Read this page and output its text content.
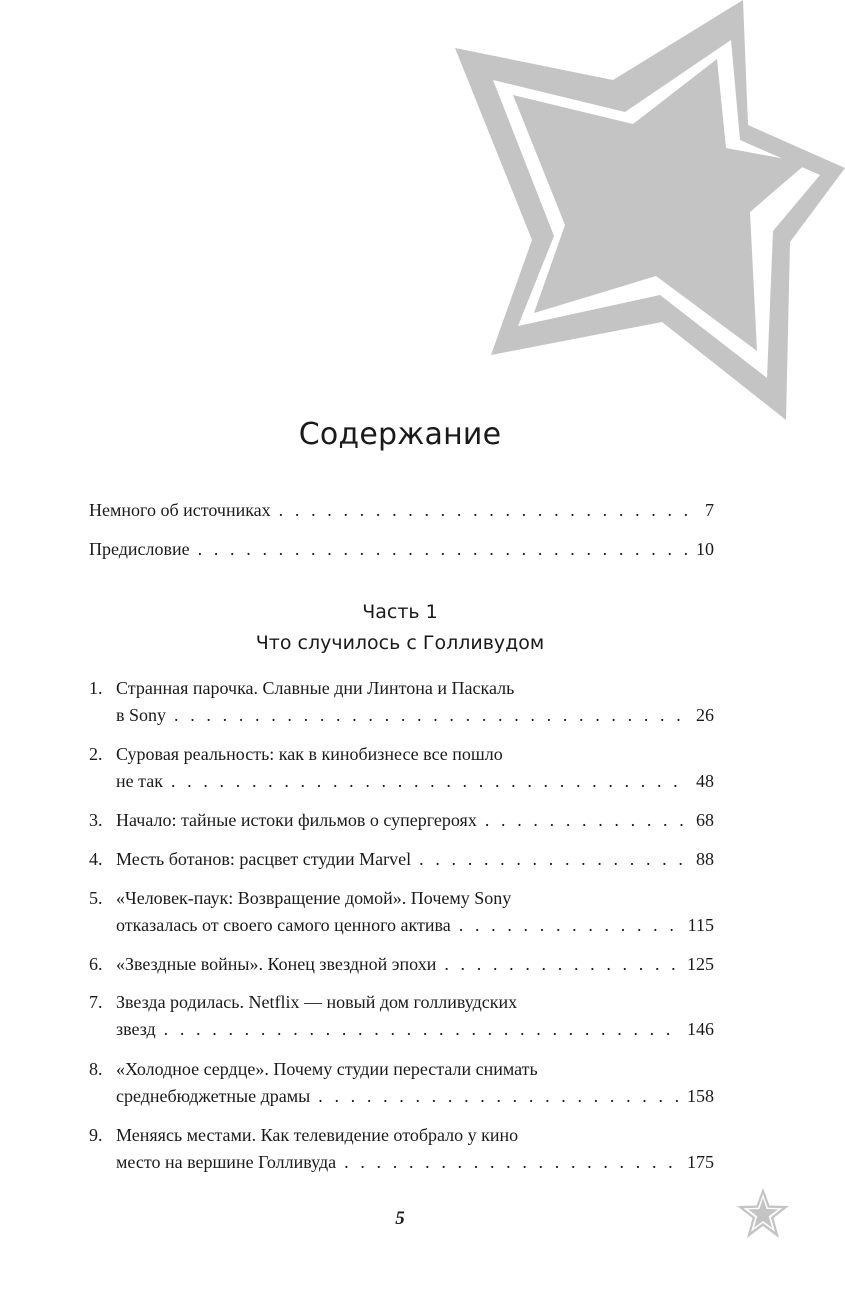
Содержание
Немного об источниках . . .	7
Предисловие . . .	10
Часть 1
Что случилось с Голливудом
1. Странная парочка. Славные дни Линтона и Паскаль
в Sony . . .	26
2. Суровая реальность: как в кинобизнесе все пошло
не так . . .	48
3. Начало: тайные истоки фильмов о супергероях . . .	68
4. Месть ботанов: расцвет студии Marvel . . .	88
5. «Человек-паук: Возвращение домой». Почему Sony
отказалась от своего самого ценного актива . . .	115
6. «Звездные войны». Конец звездной эпохи . . .	125
7. Звезда родилась. Netflix — новый дом голливудских
звезд . . .	146
8. «Холодное сердце». Почему студии перестали снимать
среднебюджетные драмы . . .	158
9. Меняясь местами. Как телевидение отобрало у кино
место на вершине Голливуда . . .	175
5
